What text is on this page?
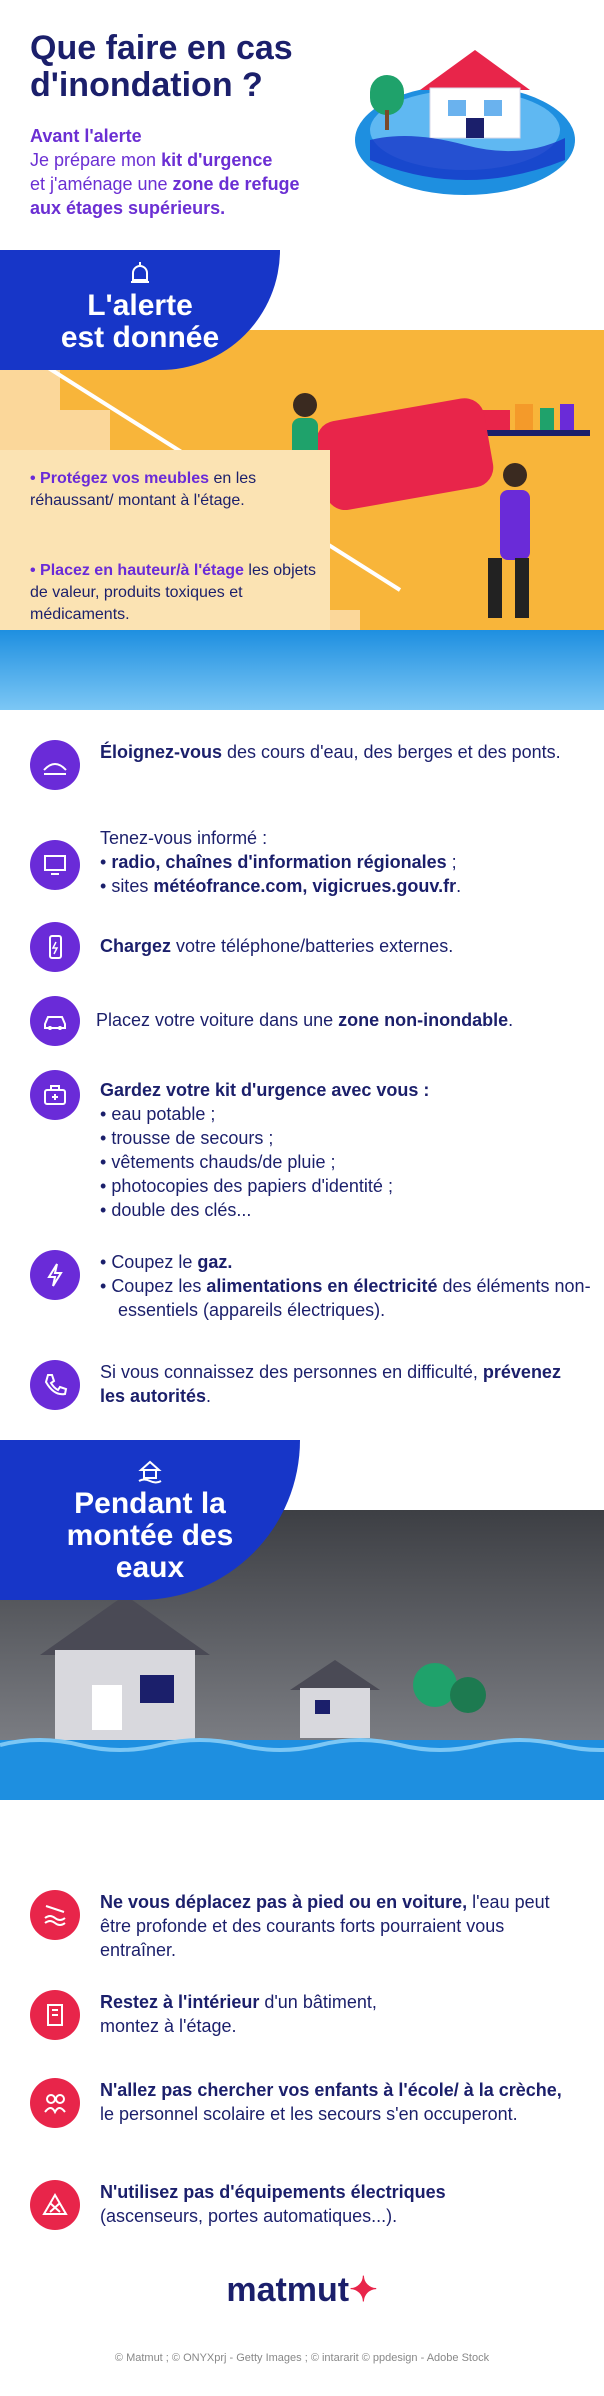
Que faire en cas d'inondation ?
Avant l'alerte
Je prépare mon kit d'urgence
et j'aménage une zone de refuge
aux étages supérieurs.
• Protégez vos meubles en les réhaussant/ montant à l'étage.
• Placez en hauteur/à l'étage les objets de valeur, produits toxiques et médicaments.
L'alerte
est donnée
Éloignez-vous des cours d'eau, des berges et des ponts.
Tenez-vous informé :
• radio, chaînes d'information régionales ;
• sites météofrance.com, vigicrues.gouv.fr.
Chargez votre téléphone/batteries externes.
Placez votre voiture dans une zone non-inondable.
Gardez votre kit d'urgence avec vous :
• eau potable ;
• trousse de secours ;
• vêtements chauds/de pluie ;
• photocopies des papiers d'identité ;
• double des clés...
• Coupez le gaz.
• Coupez les alimentations en électricité des éléments non-essentiels (appareils électriques).
Si vous connaissez des personnes en difficulté, prévenez les autorités.
Pendant la
montée des
eaux
Ne vous déplacez pas à pied ou en voiture, l'eau peut être profonde et des courants forts pourraient vous entraîner.
Restez à l'intérieur d'un bâtiment, montez à l'étage.
N'allez pas chercher vos enfants à l'école/ à la crèche, le personnel scolaire et les secours s'en occuperont.
N'utilisez pas d'équipements électriques (ascenseurs, portes automatiques...).
matmut✦
© Matmut ; © ONYXprj - Getty Images ; © intararit © ppdesign - Adobe Stock
